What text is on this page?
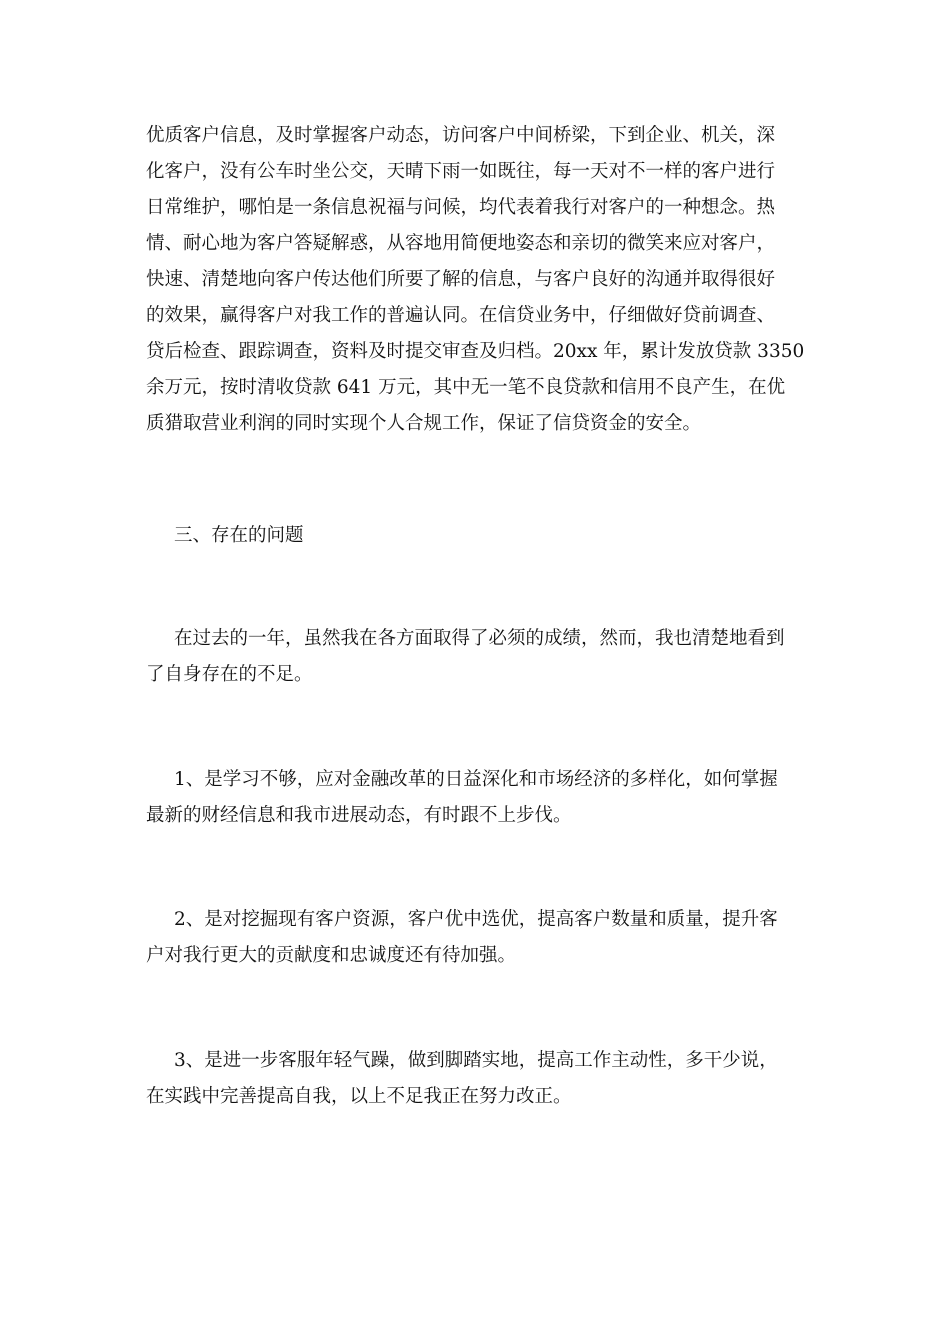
优质客户信息，及时掌握客户动态，访问客户中间桥梁，下到企业、机关，深

化客户，没有公车时坐公交，天晴下雨一如既往，每一天对不一样的客户进行

日常维护，哪怕是一条信息祝福与问候，均代表着我行对客户的一种想念。热

情、耐心地为客户答疑解惑，从容地用简便地姿态和亲切的微笑来应对客户，

快速、清楚地向客户传达他们所要了解的信息，与客户良好的沟通并取得很好

的效果，赢得客户对我工作的普遍认同。在信贷业务中，仔细做好贷前调查、

贷后检查、跟踪调查，资料及时提交审查及归档。20xx 年，累计发放贷款 3350

余万元，按时清收贷款 641 万元，其中无一笔不良贷款和信用不良产生，在优

质猎取营业利润的同时实现个人合规工作，保证了信贷资金的安全。

三、存在的问题

在过去的一年，虽然我在各方面取得了必须的成绩，然而，我也清楚地看到

了自身存在的不足。

1、是学习不够，应对金融改革的日益深化和市场经济的多样化，如何掌握

最新的财经信息和我市进展动态，有时跟不上步伐。

2、是对挖掘现有客户资源，客户优中选优，提高客户数量和质量，提升客

户对我行更大的贡献度和忠诚度还有待加强。

3、是进一步客服年轻气躁，做到脚踏实地，提高工作主动性，多干少说，

在实践中完善提高自我，以上不足我正在努力改正。
